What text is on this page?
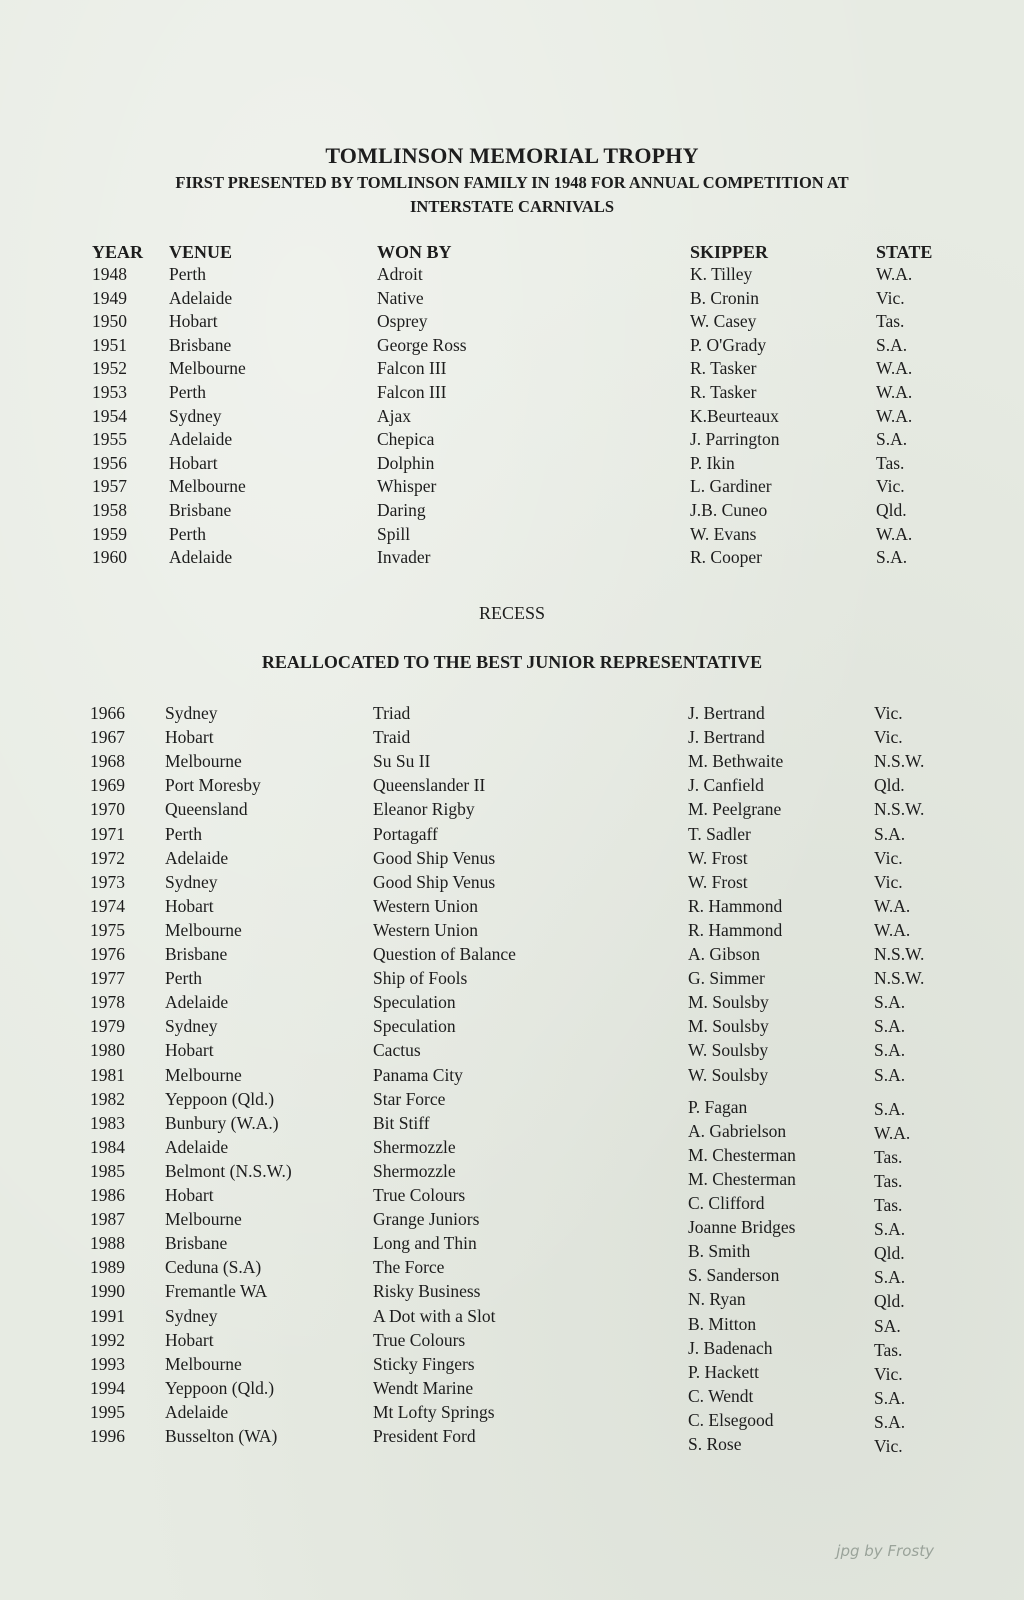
TOMLINSON MEMORIAL TROPHY
FIRST PRESENTED BY TOMLINSON FAMILY IN 1948 FOR ANNUAL COMPETITION AT INTERSTATE CARNIVALS
YEAR VENUE	WON BY	SKIPPER	STATE
1948 Perth	Adroit	K. Tilley	W.A.
1949 Adelaide	Native	B. Cronin	Vic.
1950 Hobart	Osprey	W. Casey	Tas.
1951 Brisbane	George Ross	P. O'Grady	S.A.
1952 Melbourne	Falcon III	R. Tasker	W.A.
1953 Perth	Falcon III	R. Tasker	W.A.
1954 Sydney	Ajax	K.Beurteaux	W.A.
1955 Adelaide	Chepica	J. Parrington	S.A.
1956 Hobart	Dolphin	P. Ikin	Tas.
1957 Melbourne	Whisper	L. Gardiner	Vic.
1958 Brisbane	Daring	J.B. Cuneo	Qld.
1959 Perth	Spill	W. Evans	W.A.
1960 Adelaide	Invader	R. Cooper	S.A.
RECESS
REALLOCATED TO THE BEST JUNIOR REPRESENTATIVE
1966 Sydney	Triad	J. Bertrand	Vic.
1967 Hobart	Traid	J. Bertrand	Vic.
1968 Melbourne	Su Su II	M. Bethwaite	N.S.W.
1969 Port Moresby	Queenslander II	J. Canfield	Qld.
1970 Queensland	Eleanor Rigby	M. Peelgrane	N.S.W.
1971 Perth	Portagaff	T. Sadler	S.A.
1972 Adelaide	Good Ship Venus	W. Frost	Vic.
1973 Sydney	Good Ship Venus	W. Frost	Vic.
1974 Hobart	Western Union	R. Hammond	W.A.
1975 Melbourne	Western Union	R. Hammond	W.A.
1976 Brisbane	Question of Balance	A. Gibson	N.S.W.
1977 Perth	Ship of Fools	G. Simmer	N.S.W.
1978 Adelaide	Speculation	M. Soulsby	S.A.
1979 Sydney	Speculation	M. Soulsby	S.A.
1980 Hobart	Cactus	W. Soulsby	S.A.
1981 Melbourne	Panama City	W. Soulsby	S.A.
1982 Yeppoon (Qld.)	Star Force	P. Fagan	S.A.
1983 Bunbury (W.A.)	Bit Stiff	A. Gabrielson	W.A.
1984 Adelaide	Shermozzle	M. Chesterman	Tas.
1985 Belmont (N.S.W.)	Shermozzle	M. Chesterman	Tas.
1986 Hobart	True Colours	C. Clifford	Tas.
1987 Melbourne	Grange Juniors	Joanne Bridges	S.A.
1988 Brisbane	Long and Thin	B. Smith	Qld.
1989 Ceduna (S.A)	The Force	S. Sanderson	S.A.
1990 Fremantle WA	Risky Business	N. Ryan	Qld.
1991 Sydney	A Dot with a Slot	B. Mitton	SA.
1992 Hobart	True Colours	J. Badenach	Tas.
1993 Melbourne	Sticky Fingers	P. Hackett	Vic.
1994 Yeppoon (Qld.)	Wendt Marine	C. Wendt	S.A.
1995 Adelaide	Mt Lofty Springs	C. Elsegood	S.A.
1996 Busselton (WA)	President Ford	S. Rose	Vic.
jpg by Frosty
